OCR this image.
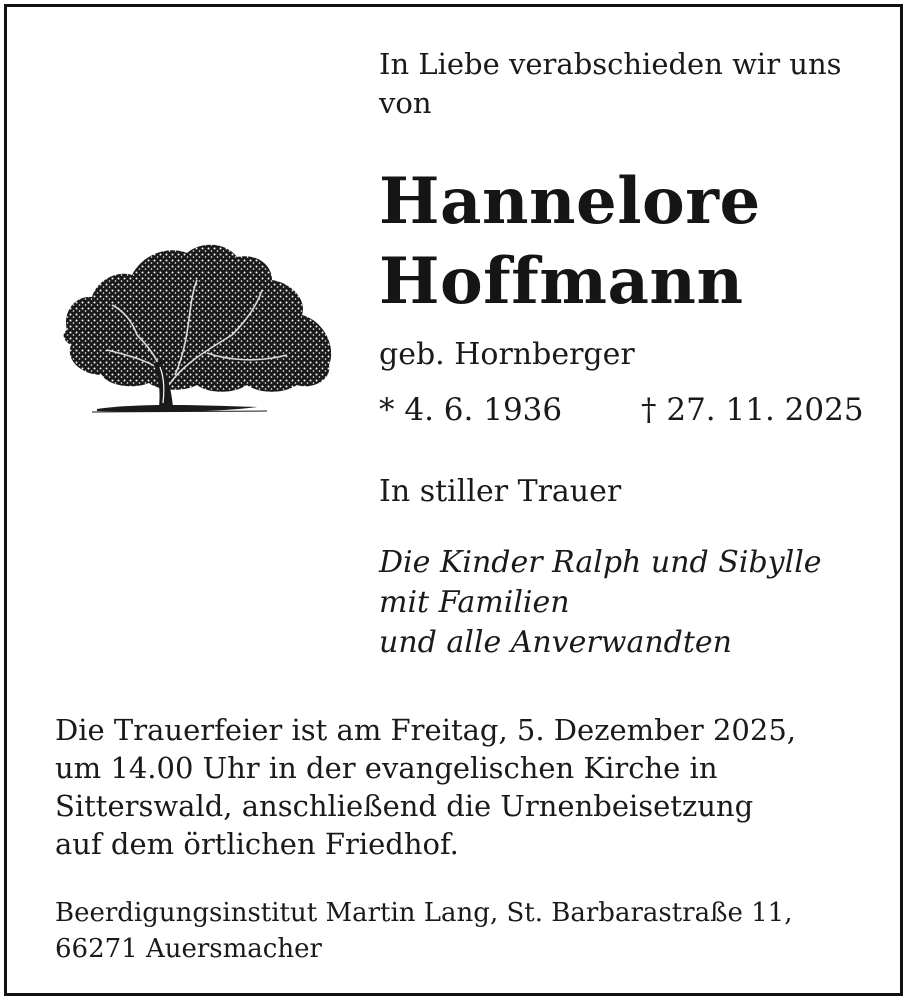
In Liebe verabschieden wir uns
von
Hannelore
Hoffmann
geb. Hornberger
* 4. 6. 1936	† 27. 11. 2025
In stiller Trauer
Die Kinder Ralph und Sibylle
mit Familien
und alle Anverwandten
Die Trauerfeier ist am Freitag, 5. Dezember 2025,
um 14.00 Uhr in der evangelischen Kirche in
Sitterswald, anschließend die Urnenbeisetzung
auf dem örtlichen Friedhof.
Beerdigungsinstitut Martin Lang, St. Barbarastraße 11,
66271 Auersmacher
